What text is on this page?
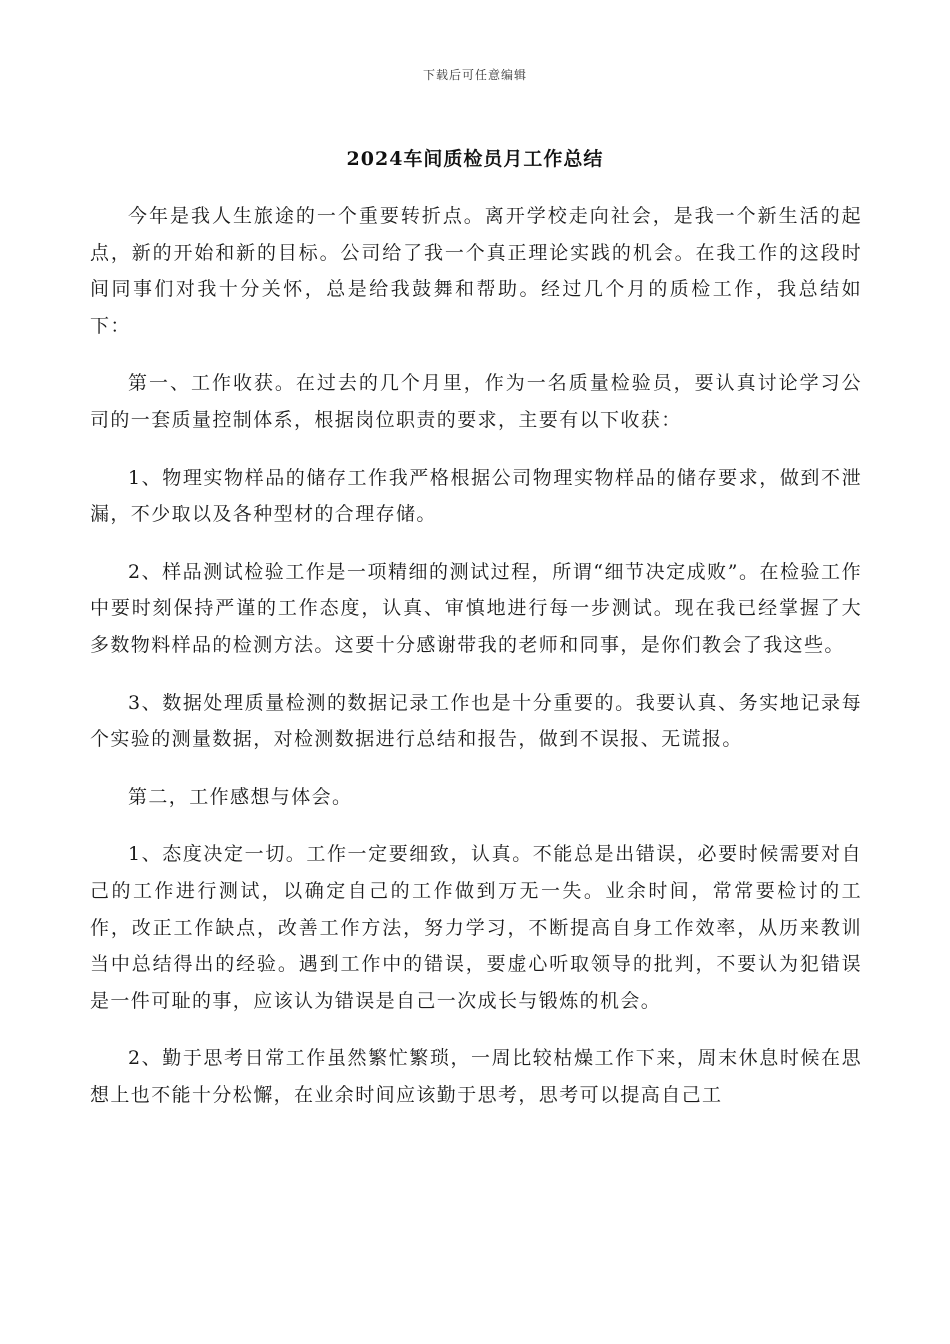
下载后可任意编辑
2024车间质检员月工作总结

今年是我人生旅途的一个重要转折点。离开学校走向社会，是我一个新生活的起点，新的开始和新的目标。公司给了我一个真正理论实践的机会。在我工作的这段时间同事们对我十分关怀，总是给我鼓舞和帮助。经过几个月的质检工作，我总结如下：

第一、工作收获。在过去的几个月里，作为一名质量检验员，要认真讨论学习公司的一套质量控制体系，根据岗位职责的要求，主要有以下收获：

1、物理实物样品的储存工作我严格根据公司物理实物样品的储存要求，做到不泄漏，不少取以及各种型材的合理存储。

2、样品测试检验工作是一项精细的测试过程，所谓“细节决定成败”。在检验工作中要时刻保持严谨的工作态度，认真、审慎地进行每一步测试。现在我已经掌握了大多数物料样品的检测方法。这要十分感谢带我的老师和同事，是你们教会了我这些。

3、数据处理质量检测的数据记录工作也是十分重要的。我要认真、务实地记录每个实验的测量数据，对检测数据进行总结和报告，做到不误报、无谎报。

第二，工作感想与体会。

1、态度决定一切。工作一定要细致，认真。不能总是出错误，必要时候需要对自己的工作进行测试，以确定自己的工作做到万无一失。业余时间，常常要检讨的工作，改正工作缺点，改善工作方法，努力学习，不断提高自身工作效率，从历来教训当中总结得出的经验。遇到工作中的错误，要虚心听取领导的批判，不要认为犯错误是一件可耻的事，应该认为错误是自己一次成长与锻炼的机会。

2、勤于思考日常工作虽然繁忙繁琐，一周比较枯燥工作下来，周末休息时候在思想上也不能十分松懈，在业余时间应该勤于思考，思考可以提高自己工
